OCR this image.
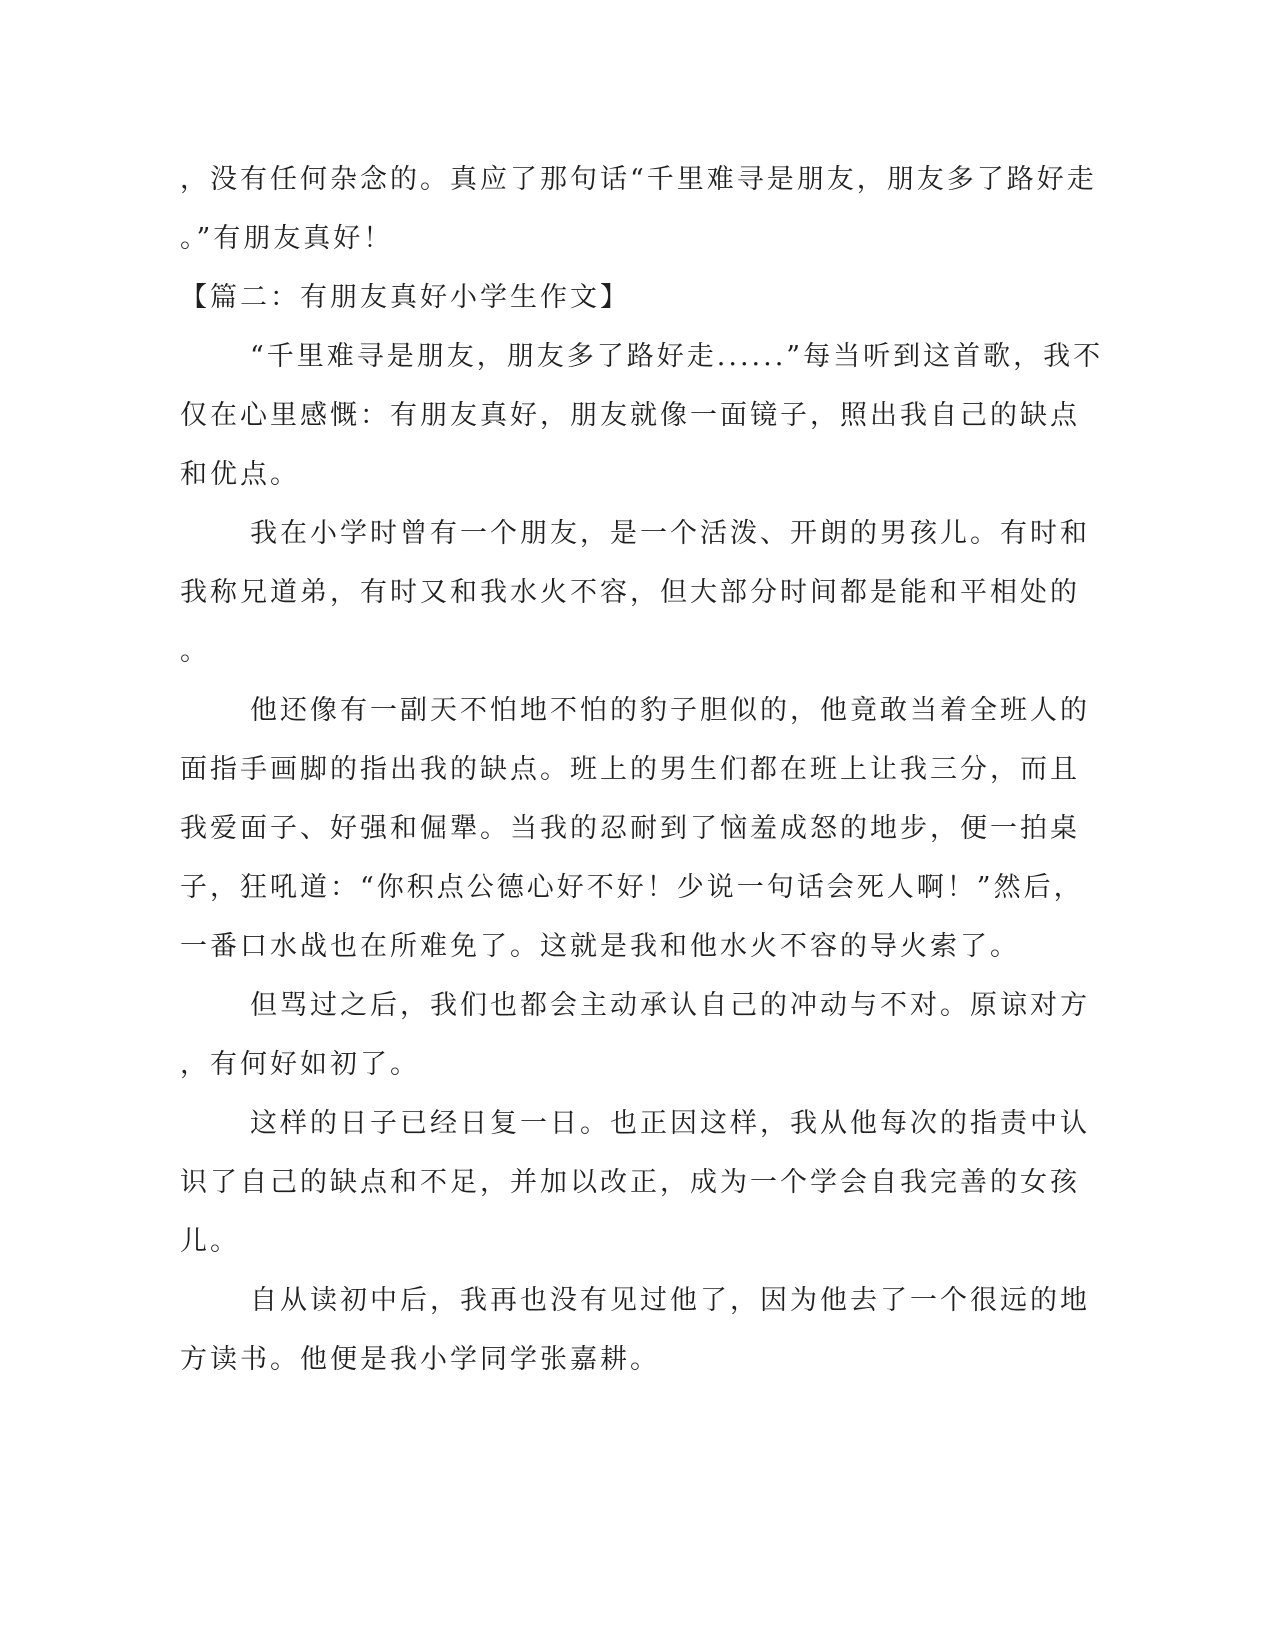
，没有任何杂念的。真应了那句话“千里难寻是朋友，朋友多了路好走
。”有朋友真好！
【篇二：有朋友真好小学生作文】
“千里难寻是朋友，朋友多了路好走......”每当听到这首歌，我不
仅在心里感慨：有朋友真好，朋友就像一面镜子，照出我自己的缺点
和优点。
我在小学时曾有一个朋友，是一个活泼、开朗的男孩儿。有时和
我称兄道弟，有时又和我水火不容，但大部分时间都是能和平相处的
。
他还像有一副天不怕地不怕的豹子胆似的，他竟敢当着全班人的
面指手画脚的指出我的缺点。班上的男生们都在班上让我三分，而且
我爱面子、好强和倔犟。当我的忍耐到了恼羞成怒的地步，便一拍桌
子，狂吼道：“你积点公德心好不好！少说一句话会死人啊！”然后，
一番口水战也在所难免了。这就是我和他水火不容的导火索了。
但骂过之后，我们也都会主动承认自己的冲动与不对。原谅对方
，有何好如初了。
这样的日子已经日复一日。也正因这样，我从他每次的指责中认
识了自己的缺点和不足，并加以改正，成为一个学会自我完善的女孩
儿。
自从读初中后，我再也没有见过他了，因为他去了一个很远的地
方读书。他便是我小学同学张嘉耕。
